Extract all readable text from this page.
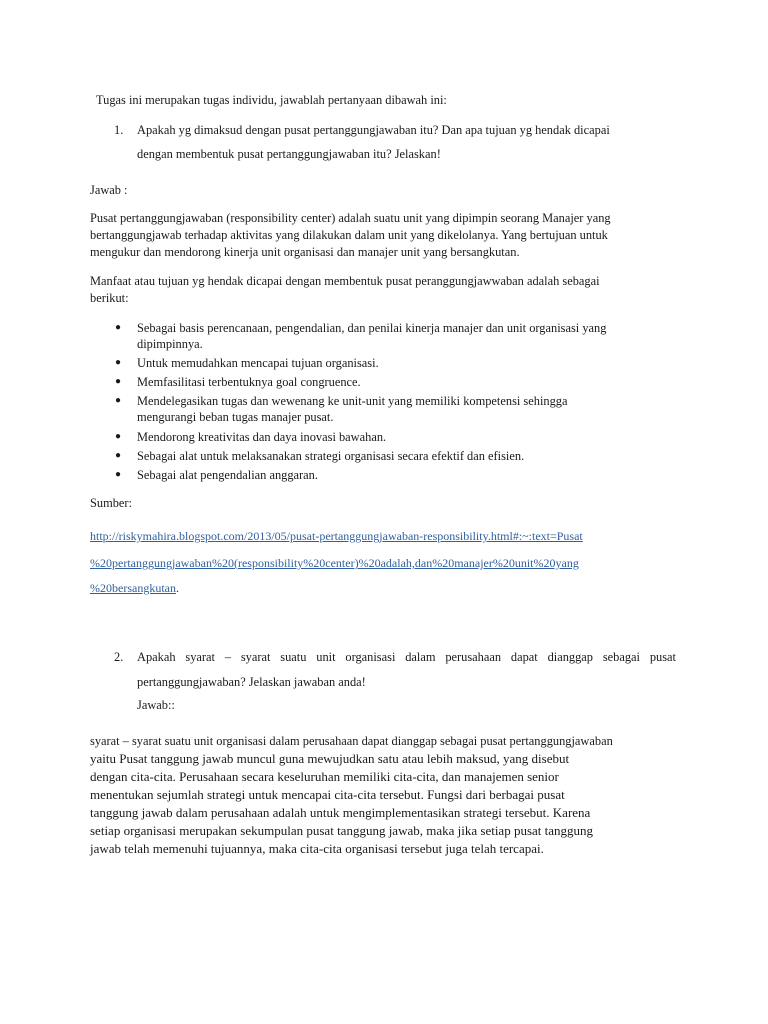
Tugas ini merupakan tugas individu, jawablah pertanyaan dibawah ini:
1. Apakah yg dimaksud dengan pusat pertanggungjawaban itu? Dan apa tujuan yg hendak dicapai
dengan membentuk pusat pertanggungjawaban itu? Jelaskan!
Jawab :
Pusat pertanggungjawaban (responsibility center) adalah suatu unit yang dipimpin seorang Manajer yang
bertanggungjawab terhadap aktivitas yang dilakukan dalam unit yang dikelolanya. Yang bertujuan untuk
mengukur dan mendorong kinerja unit organisasi dan manajer unit yang bersangkutan.
Manfaat atau tujuan yg hendak dicapai dengan membentuk pusat peranggungjawwaban adalah sebagai
berikut:
● Sebagai basis perencanaan, pengendalian, dan penilai kinerja manajer dan unit organisasi yang
dipimpinnya.
● Untuk memudahkan mencapai tujuan organisasi.
● Memfasilitasi terbentuknya goal congruence.
● Mendelegasikan tugas dan wewenang ke unit-unit yang memiliki kompetensi sehingga
mengurangi beban tugas manajer pusat.
● Mendorong kreativitas dan daya inovasi bawahan.
● Sebagai alat untuk melaksanakan strategi organisasi secara efektif dan efisien.
● Sebagai alat pengendalian anggaran.
Sumber:
http://riskymahira.blogspot.com/2013/05/pusat-pertanggungjawaban-responsibility.html#:~:text=Pusat
%20pertanggungjawaban%20(responsibility%20center)%20adalah,dan%20manajer%20unit%20yang
%20bersangkutan.
2. Apakah syarat – syarat suatu unit organisasi dalam perusahaan dapat dianggap sebagai pusat
pertanggungjawaban? Jelaskan jawaban anda!
Jawab::
syarat – syarat suatu unit organisasi dalam perusahaan dapat dianggap sebagai pusat pertanggungjawaban
yaitu Pusat tanggung jawab muncul guna mewujudkan satu atau lebih maksud, yang disebut
dengan cita-cita. Perusahaan secara keseluruhan memiliki cita-cita, dan manajemen senior
menentukan sejumlah strategi untuk mencapai cita-cita tersebut. Fungsi dari berbagai pusat
tanggung jawab dalam perusahaan adalah untuk mengimplementasikan strategi tersebut. Karena
setiap organisasi merupakan sekumpulan pusat tanggung jawab, maka jika setiap pusat tanggung
jawab telah memenuhi tujuannya, maka cita-cita organisasi tersebut juga telah tercapai.
